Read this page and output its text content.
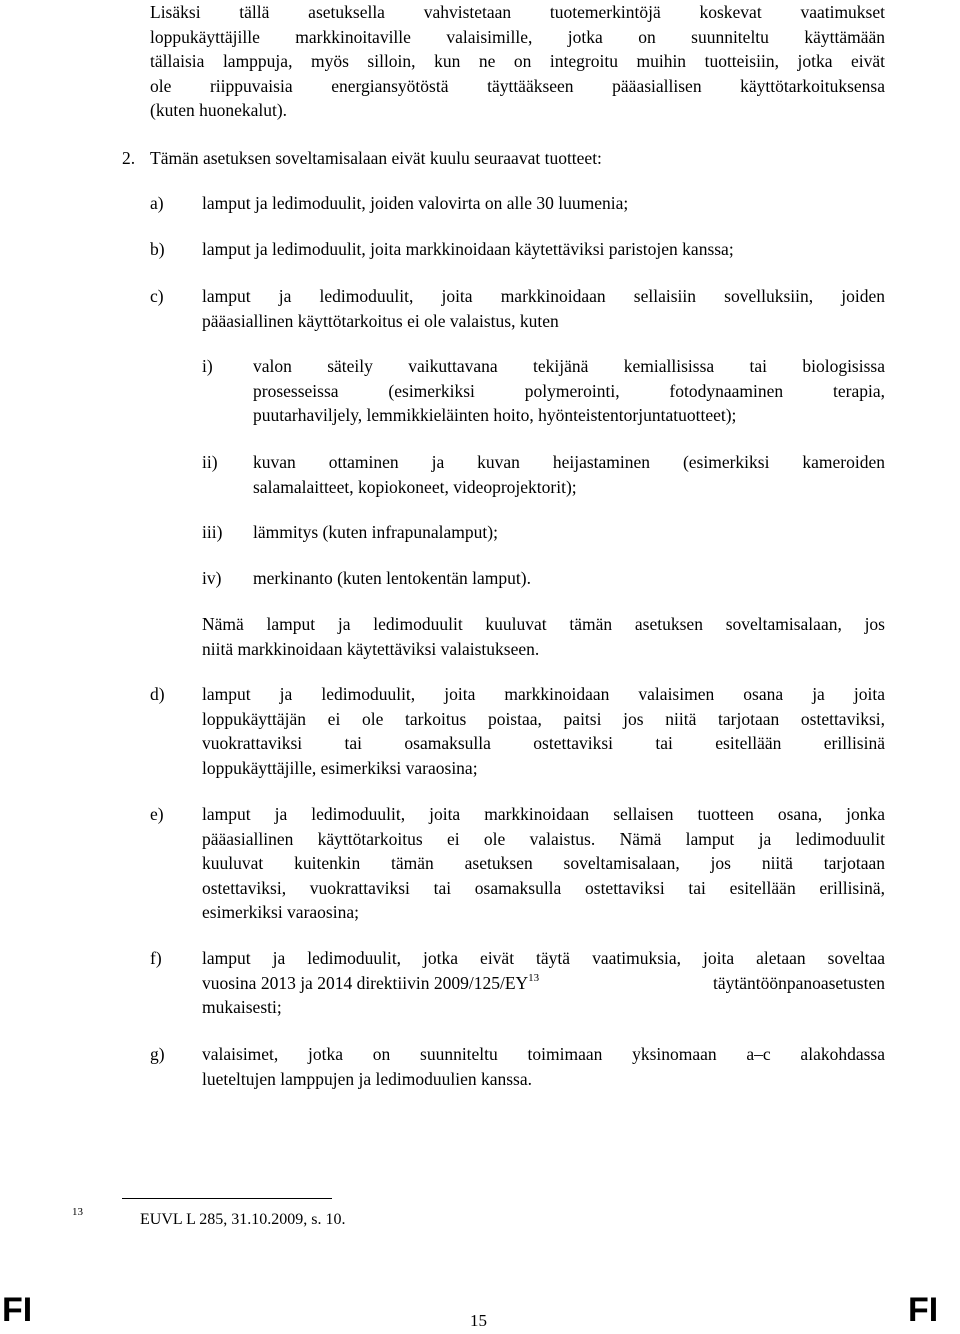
Lisäksi tällä asetuksella vahvistetaan tuotemerkintöjä koskevat vaatimukset
loppukäyttäjille markkinoitaville valaisimille, jotka on suunniteltu käyttämään
tällaisia lamppuja, myös silloin, kun ne on integroitu muihin tuotteisiin, jotka eivät
ole riippuvaisia energiansyötöstä täyttääkseen pääasiallisen käyttötarkoituksensa
(kuten huonekalut).
2. Tämän asetuksen soveltamisalaan eivät kuulu seuraavat tuotteet:
a) lamput ja ledimoduulit, joiden valovirta on alle 30 luumenia;
b) lamput ja ledimoduulit, joita markkinoidaan käytettäviksi paristojen kanssa;
c) lamput ja ledimoduulit, joita markkinoidaan sellaisiin sovelluksiin, joiden
pääasiallinen käyttötarkoitus ei ole valaistus, kuten
i) valon säteily vaikuttavana tekijänä kemiallisissa tai biologisissa
prosesseissa (esimerkiksi polymerointi, fotodynaaminen terapia,
puutarhaviljely, lemmikkieläinten hoito, hyönteistentorjuntatuotteet);
ii) kuvan ottaminen ja kuvan heijastaminen (esimerkiksi kameroiden
salamalaitteet, kopiokoneet, videoprojektorit);
iii) lämmitys (kuten infrapunalamput);
iv) merkinanto (kuten lentokentän lamput).
Nämä lamput ja ledimoduulit kuuluvat tämän asetuksen soveltamisalaan, jos
niitä markkinoidaan käytettäviksi valaistukseen.
d) lamput ja ledimoduulit, joita markkinoidaan valaisimen osana ja joita
loppukäyttäjän ei ole tarkoitus poistaa, paitsi jos niitä tarjotaan ostettaviksi,
vuokrattaviksi tai osamaksulla ostettaviksi tai esitellään erillisinä
loppukäyttäjille, esimerkiksi varaosina;
e) lamput ja ledimoduulit, joita markkinoidaan sellaisen tuotteen osana, jonka
pääasiallinen käyttötarkoitus ei ole valaistus. Nämä lamput ja ledimoduulit
kuuluvat kuitenkin tämän asetuksen soveltamisalaan, jos niitä tarjotaan
ostettaviksi, vuokrattaviksi tai osamaksulla ostettaviksi tai esitellään erillisinä,
esimerkiksi varaosina;
f) lamput ja ledimoduulit, jotka eivät täytä vaatimuksia, joita aletaan soveltaa
vuosina 2013 ja 2014 direktiivin 2009/125/EY$^{13}$	täytäntöönpanoasetusten
mukaisesti;
g) valaisimet, jotka on suunniteltu toimimaan yksinomaan a–c alakohdassa
lueteltujen lamppujen ja ledimoduulien kanssa.
13	EUVL L 285, 31.10.2009, s. 10.
FI	15	FI
